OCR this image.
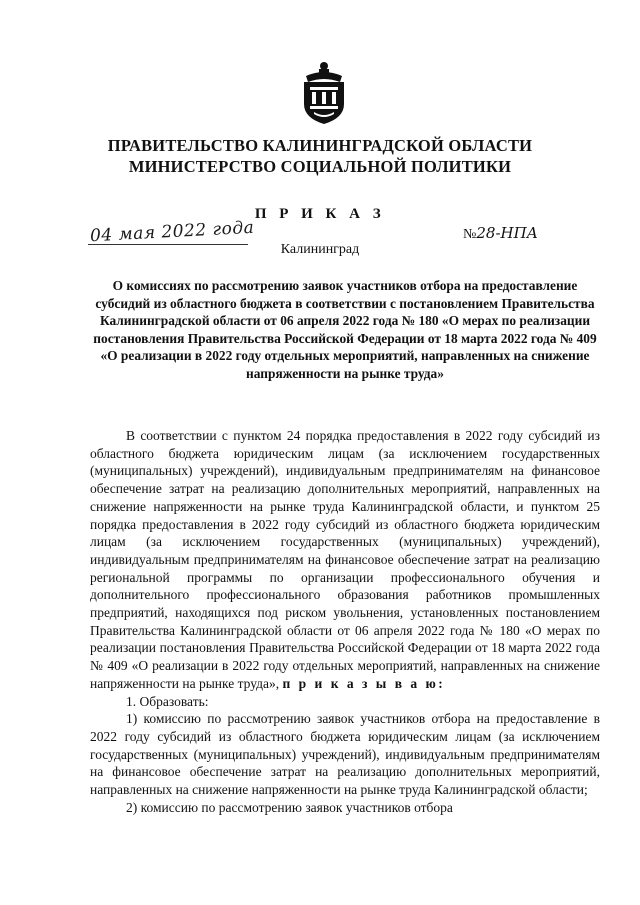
ПРАВИТЕЛЬСТВО КАЛИНИНГРАДСКОЙ ОБЛАСТИ
МИНИСТЕРСТВО СОЦИАЛЬНОЙ ПОЛИТИКИ
П Р И К А З
04 мая 2022 года	№28-НПА
Калининград
О комиссиях по рассмотрению заявок участников отбора на предоставление субсидий из областного бюджета в соответствии с постановлением Правительства Калининградской области от 06 апреля 2022 года № 180 «О мерах по реализации постановления Правительства Российской Федерации от 18 марта 2022 года № 409 «О реализации в 2022 году отдельных мероприятий, направленных на снижение напряженности на рынке труда»

В соответствии с пунктом 24 порядка предоставления в 2022 году субсидий из областного бюджета юридическим лицам (за исключением государственных (муниципальных) учреждений), индивидуальным предпринимателям на финансовое обеспечение затрат на реализацию дополнительных мероприятий, направленных на снижение напряженности на рынке труда Калининградской области, и пунктом 25 порядка предоставления в 2022 году субсидий из областного бюджета юридическим лицам (за исключением государственных (муниципальных) учреждений), индивидуальным предпринимателям на финансовое обеспечение затрат на реализацию региональной программы по организации профессионального обучения и дополнительного профессионального образования работников промышленных предприятий, находящихся под риском увольнения, установленных постановлением Правительства Калининградской области от 06 апреля 2022 года № 180 «О мерах по реализации постановления Правительства Российской Федерации от 18 марта 2022 года № 409 «О реализации в 2022 году отдельных мероприятий, направленных на снижение напряженности на рынке труда», п р и к а з ы в а ю:

1. Образовать:

1) комиссию по рассмотрению заявок участников отбора на предоставление в 2022 году субсидий из областного бюджета юридическим лицам (за исключением государственных (муниципальных) учреждений), индивидуальным предпринимателям на финансовое обеспечение затрат на реализацию дополнительных мероприятий, направленных на снижение напряженности на рынке труда Калининградской области;

2) комиссию по рассмотрению заявок участников отбора
